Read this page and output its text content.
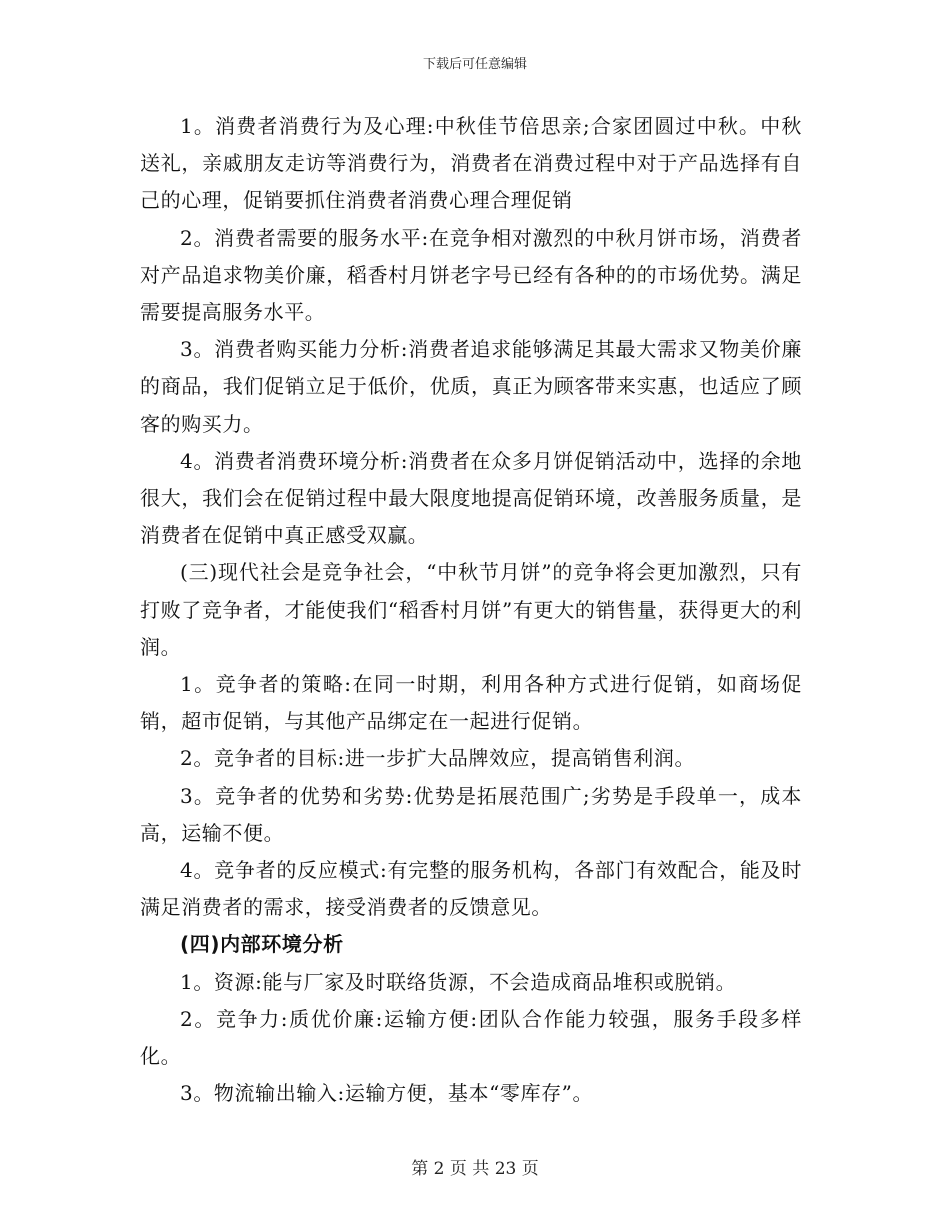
下载后可任意编辑

1。消费者消费行为及心理:中秋佳节倍思亲;合家团圆过中秋。中秋送礼，亲戚朋友走访等消费行为，消费者在消费过程中对于产品选择有自己的心理，促销要抓住消费者消费心理合理促销

2。消费者需要的服务水平:在竞争相对激烈的中秋月饼市场，消费者对产品追求物美价廉，稻香村月饼老字号已经有各种的的市场优势。满足需要提高服务水平。

3。消费者购买能力分析:消费者追求能够满足其最大需求又物美价廉的商品，我们促销立足于低价，优质，真正为顾客带来实惠，也适应了顾客的购买力。

4。消费者消费环境分析:消费者在众多月饼促销活动中，选择的余地很大，我们会在促销过程中最大限度地提高促销环境，改善服务质量，是消费者在促销中真正感受双赢。

(三)现代社会是竞争社会，“中秋节月饼”的竞争将会更加激烈，只有打败了竞争者，才能使我们“稻香村月饼”有更大的销售量，获得更大的利润。

1。竞争者的策略:在同一时期，利用各种方式进行促销，如商场促销，超市促销，与其他产品绑定在一起进行促销。

2。竞争者的目标:进一步扩大品牌效应，提高销售利润。

3。竞争者的优势和劣势:优势是拓展范围广;劣势是手段单一，成本高，运输不便。

4。竞争者的反应模式:有完整的服务机构，各部门有效配合，能及时满足消费者的需求，接受消费者的反馈意见。

(四)内部环境分析

1。资源:能与厂家及时联络货源，不会造成商品堆积或脱销。

2。竞争力:质优价廉:运输方便:团队合作能力较强，服务手段多样化。

3。物流输出输入:运输方便，基本“零库存”。

第 2 页 共 23 页
